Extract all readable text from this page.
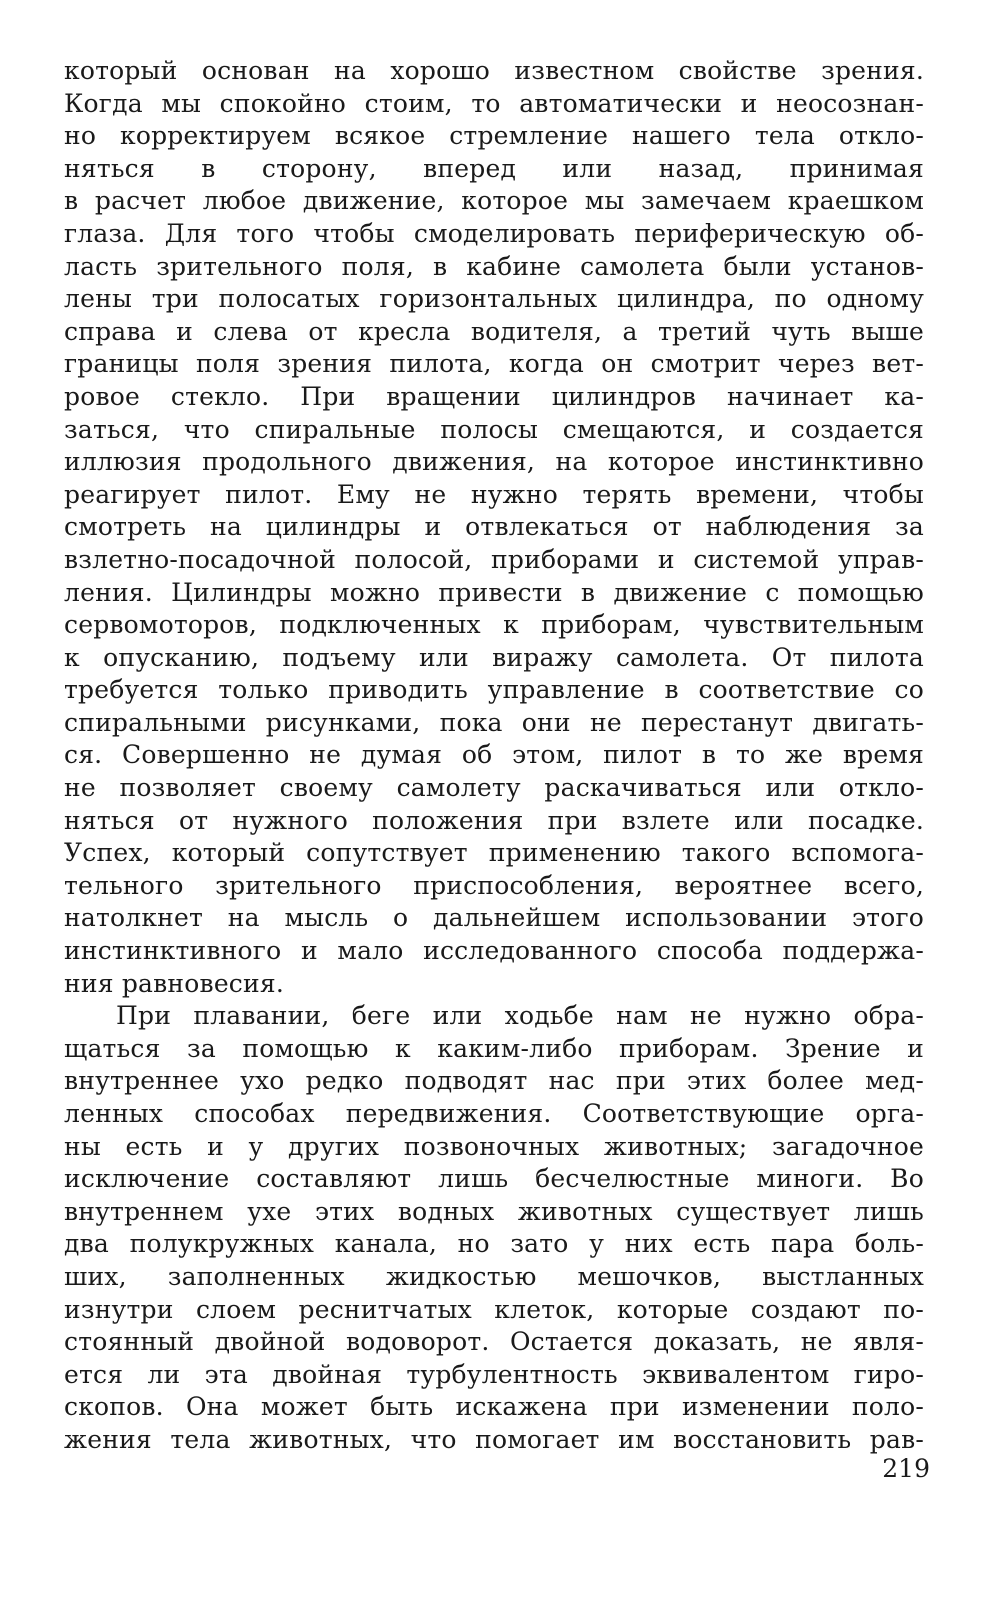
который основан на хорошо известном свойстве зрения.
Когда мы спокойно стоим, то автоматически и неосознан-
но корректируем всякое стремление нашего тела откло-
няться в сторону, вперед или назад, принимая
в расчет любое движение, которое мы замечаем краешком
глаза. Для того чтобы смоделировать периферическую об-
ласть зрительного поля, в кабине самолета были установ-
лены три полосатых горизонтальных цилиндра, по одному
справа и слева от кресла водителя, а третий чуть выше
границы поля зрения пилота, когда он смотрит через вет-
ровое стекло. При вращении цилиндров начинает ка-
заться, что спиральные полосы смещаются, и создается
иллюзия продольного движения, на которое инстинктивно
реагирует пилот. Ему не нужно терять времени, чтобы
смотреть на цилиндры и отвлекаться от наблюдения за
взлетно-посадочной полосой, приборами и системой управ-
ления. Цилиндры можно привести в движение с помощью
сервомоторов, подключенных к приборам, чувствительным
к опусканию, подъему или виражу самолета. От пилота
требуется только приводить управление в соответствие со
спиральными рисунками, пока они не перестанут двигать-
ся. Совершенно не думая об этом, пилот в то же время
не позволяет своему самолету раскачиваться или откло-
няться от нужного положения при взлете или посадке.
Успех, который сопутствует применению такого вспомога-
тельного зрительного приспособления, вероятнее всего,
натолкнет на мысль о дальнейшем использовании этого
инстинктивного и мало исследованного способа поддержа-
ния равновесия.
При плавании, беге или ходьбе нам не нужно обра-
щаться за помощью к каким-либо приборам. Зрение и
внутреннее ухо редко подводят нас при этих более мед-
ленных способах передвижения. Соответствующие орга-
ны есть и у других позвоночных животных; загадочное
исключение составляют лишь бесчелюстные миноги. Во
внутреннем ухе этих водных животных существует лишь
два полукружных канала, но зато у них есть пара боль-
ших, заполненных жидкостью мешочков, выстланных
изнутри слоем реснитчатых клеток, которые создают по-
стоянный двойной водоворот. Остается доказать, не явля-
ется ли эта двойная турбулентность эквивалентом гиро-
скопов. Она может быть искажена при изменении поло-
жения тела животных, что помогает им восстановить рав-
219
